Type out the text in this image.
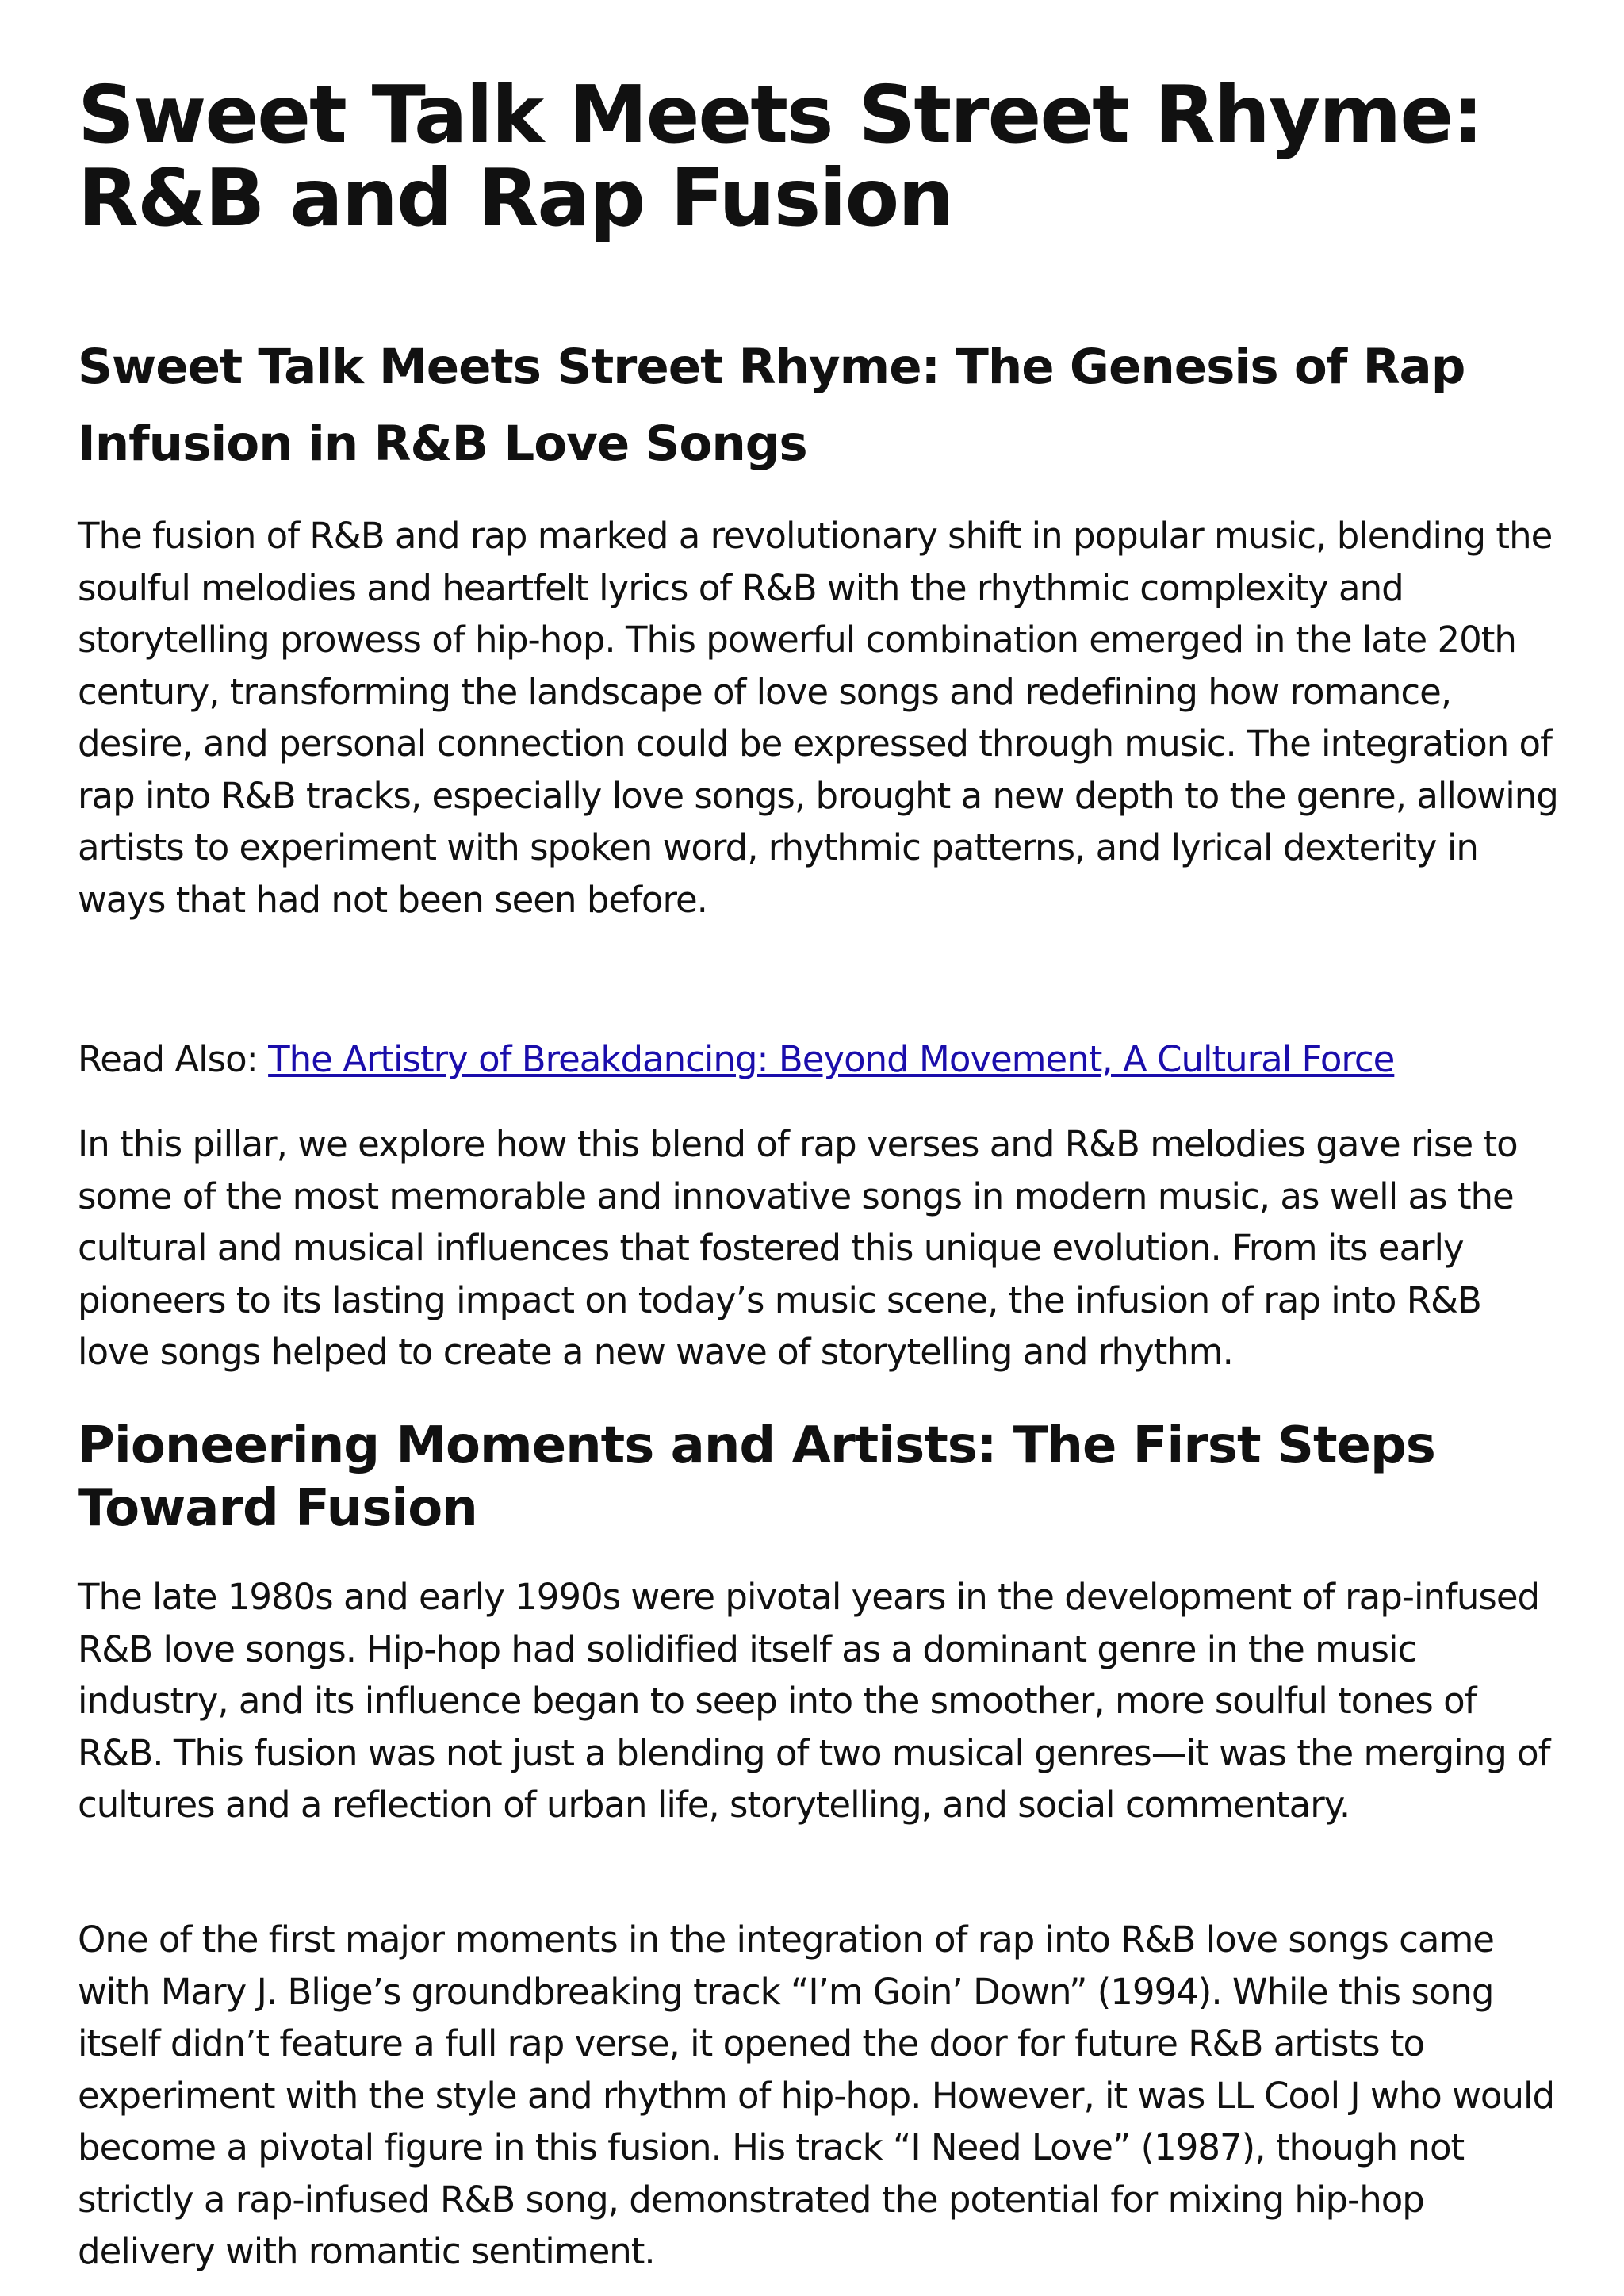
Sweet Talk Meets Street Rhyme: R&B and Rap Fusion
Sweet Talk Meets Street Rhyme: The Genesis of Rap Infusion in R&B Love Songs

The fusion of R&B and rap marked a revolutionary shift in popular music, blending the soulful melodies and heartfelt lyrics of R&B with the rhythmic complexity and storytelling prowess of hip-hop. This powerful combination emerged in the late 20th century, transforming the landscape of love songs and redefining how romance, desire, and personal connection could be expressed through music. The integration of rap into R&B tracks, especially love songs, brought a new depth to the genre, allowing artists to experiment with spoken word, rhythmic patterns, and lyrical dexterity in ways that had not been seen before.

Read Also: The Artistry of Breakdancing: Beyond Movement, A Cultural Force

In this pillar, we explore how this blend of rap verses and R&B melodies gave rise to some of the most memorable and innovative songs in modern music, as well as the cultural and musical influences that fostered this unique evolution. From its early pioneers to its lasting impact on today’s music scene, the infusion of rap into R&B love songs helped to create a new wave of storytelling and rhythm.

Pioneering Moments and Artists: The First Steps Toward Fusion

The late 1980s and early 1990s were pivotal years in the development of rap-infused R&B love songs. Hip-hop had solidified itself as a dominant genre in the music industry, and its influence began to seep into the smoother, more soulful tones of R&B. This fusion was not just a blending of two musical genres—it was the merging of cultures and a reflection of urban life, storytelling, and social commentary.

One of the first major moments in the integration of rap into R&B love songs came with Mary J. Blige’s groundbreaking track “I’m Goin’ Down” (1994). While this song itself didn’t feature a full rap verse, it opened the door for future R&B artists to experiment with the style and rhythm of hip-hop. However, it was LL Cool J who would become a pivotal figure in this fusion. His track “I Need Love” (1987), though not strictly a rap-infused R&B song, demonstrated the potential for mixing hip-hop delivery with romantic sentiment.
